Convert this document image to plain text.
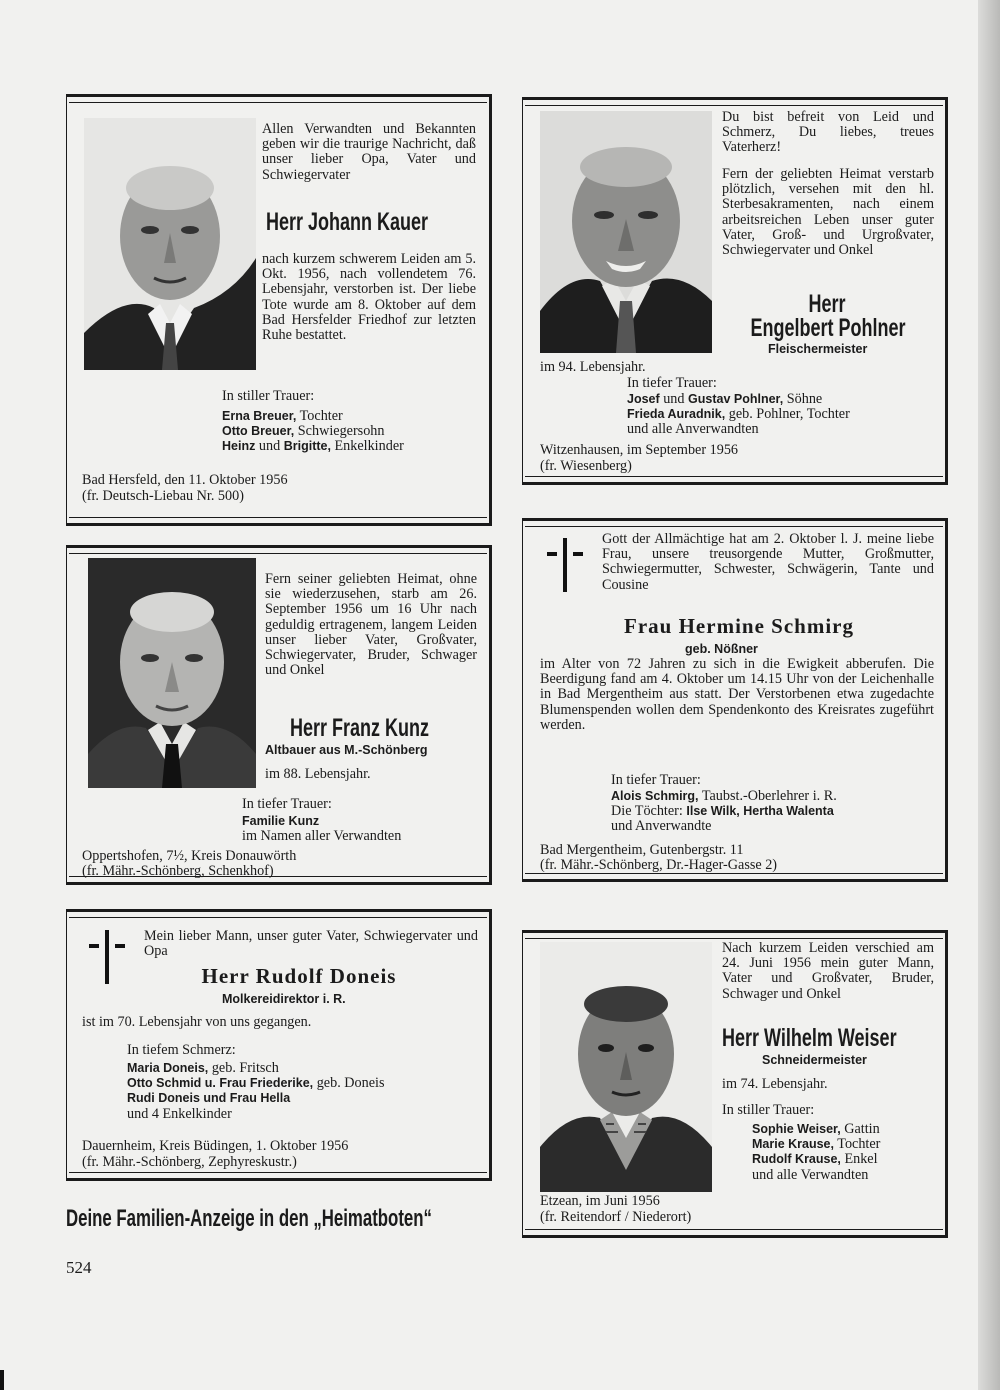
Allen Verwandten und Bekannten geben wir die traurige Nachricht, daß unser lieber Opa, Vater und Schwiegervater
Herr Johann Kauer
nach kurzem schwerem Leiden am 5. Okt. 1956, nach vollendetem 76. Lebensjahr, verstorben ist. Der liebe Tote wurde am 8. Oktober auf dem Bad Hersfelder Friedhof zur letzten Ruhe bestattet.
In stiller Trauer:
Erna Breuer, Tochter
Otto Breuer, Schwiegersohn
Heinz und Brigitte, Enkelkinder
Bad Hersfeld, den 11. Oktober 1956
(fr. Deutsch-Liebau Nr. 500)
Du bist befreit von Leid und Schmerz, Du liebes, treues Vaterherz!
Fern der geliebten Heimat verstarb plötzlich, versehen mit den hl. Sterbesakramenten, nach einem arbeitsreichen Leben unser guter Vater, Groß- und Urgroßvater, Schwiegervater und Onkel
Herr
Engelbert Pohlner
Fleischermeister
im 94. Lebensjahr.
In tiefer Trauer:
Josef und Gustav Pohlner, Söhne
Frieda Auradnik, geb. Pohlner, Tochter
und alle Anverwandten
Witzenhausen, im September 1956
(fr. Wiesenberg)
Fern seiner geliebten Heimat, ohne sie wiederzusehen, starb am 26. September 1956 um 16 Uhr nach geduldig ertragenem, langem Leiden unser lieber Vater, Großvater, Schwiegervater, Bruder, Schwager und Onkel
Herr Franz Kunz
Altbauer aus M.-Schönberg
im 88. Lebensjahr.
In tiefer Trauer:
Familie Kunz
im Namen aller Verwandten
Oppertshofen, 7½, Kreis Donauwörth
(fr. Mähr.-Schönberg, Schenkhof)
Gott der Allmächtige hat am 2. Oktober l. J. meine liebe Frau, unsere treusorgende Mutter, Großmutter, Schwiegermutter, Schwester, Schwägerin, Tante und Cousine
Frau Hermine Schmirg
geb. Nößner
im Alter von 72 Jahren zu sich in die Ewigkeit abberufen. Die Beerdigung fand am 4. Oktober um 14.15 Uhr von der Leichenhalle in Bad Mergentheim aus statt. Der Verstorbenen etwa zugedachte Blumenspenden wollen dem Spendenkonto des Kreisrates zugeführt werden.
In tiefer Trauer:
Alois Schmirg, Taubst.-Oberlehrer i. R.
Die Töchter: Ilse Wilk, Hertha Walenta
und Anverwandte
Bad Mergentheim, Gutenbergstr. 11
(fr. Mähr.-Schönberg, Dr.-Hager-Gasse 2)
Mein lieber Mann, unser guter Vater, Schwiegervater und Opa
Herr Rudolf Doneis
Molkereidirektor i. R.
ist im 70. Lebensjahr von uns gegangen.
In tiefem Schmerz:
Maria Doneis, geb. Fritsch
Otto Schmid u. Frau Friederike, geb. Doneis
Rudi Doneis und Frau Hella
und 4 Enkelkinder
Dauernheim, Kreis Büdingen, 1. Oktober 1956
(fr. Mähr.-Schönberg, Zephyreskustr.)
Nach kurzem Leiden verschied am 24. Juni 1956 mein guter Mann, Vater und Großvater, Bruder, Schwager und Onkel
Herr Wilhelm Weiser
Schneidermeister
im 74. Lebensjahr.
In stiller Trauer:
Sophie Weiser, Gattin
Marie Krause, Tochter
Rudolf Krause, Enkel
und alle Verwandten
Etzean, im Juni 1956
(fr. Reitendorf / Niederort)
Deine Familien-Anzeige in den „Heimatboten“
524
